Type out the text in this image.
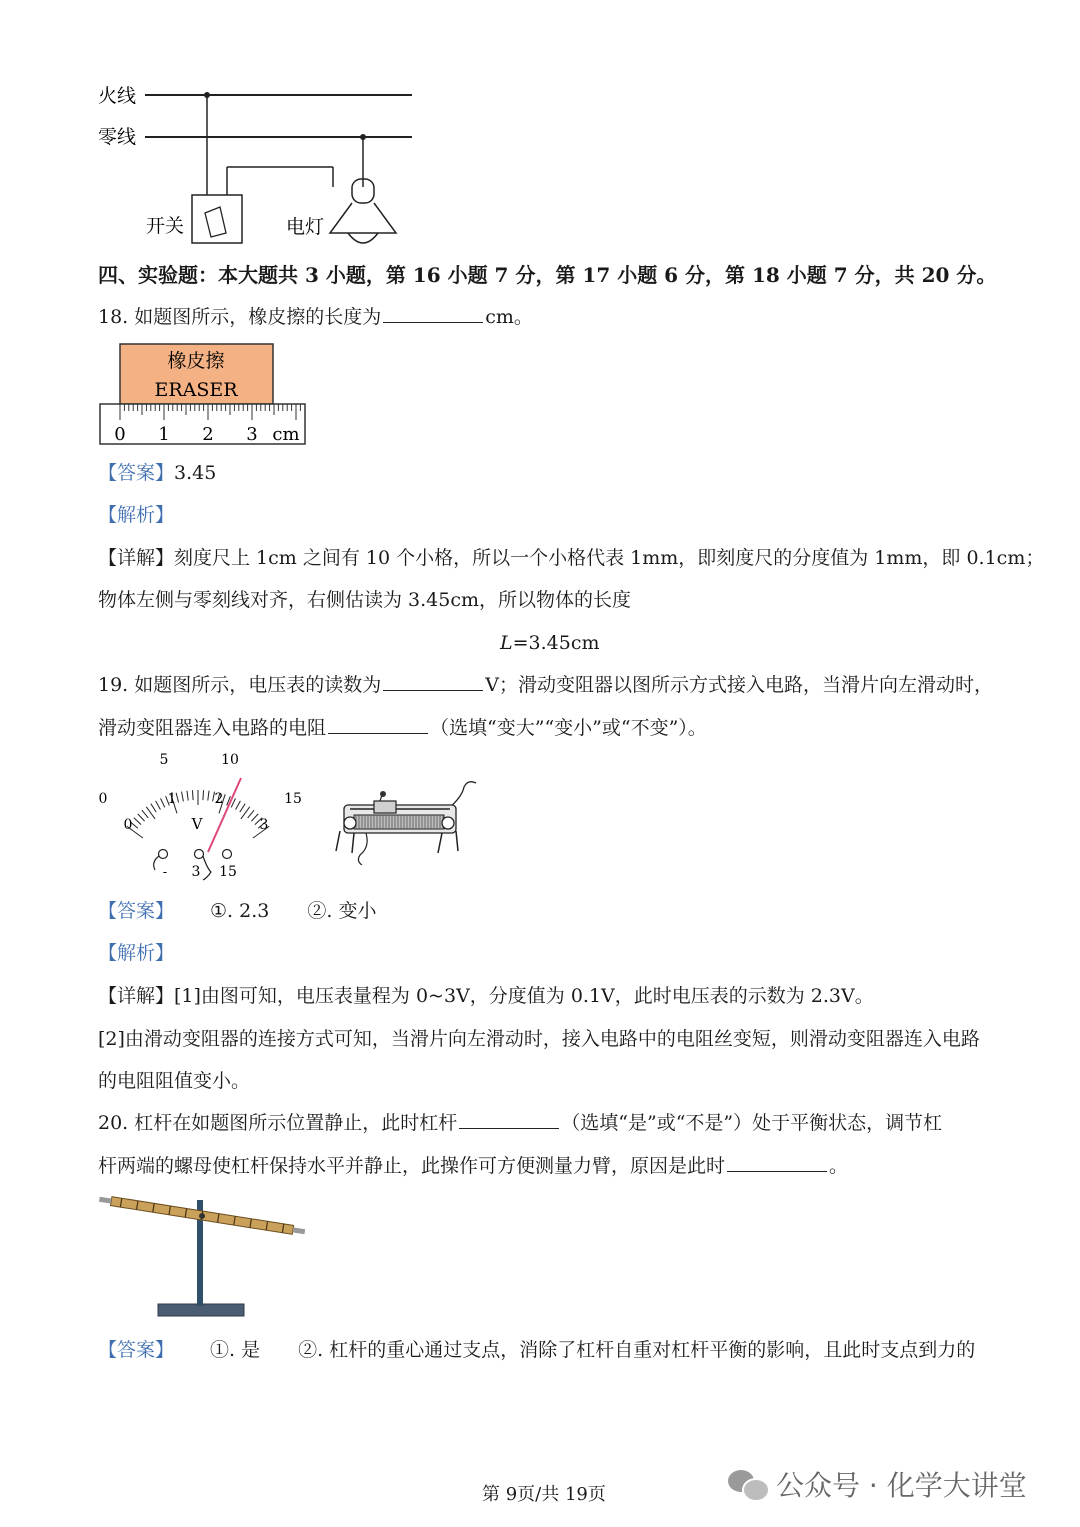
火线
零线
开关	电灯
四、实验题：本大题共 3 小题，第 16 小题 7 分，第 17 小题 6 分，第 18 小题 7 分，共 20 分。
18. 如题图所示，橡皮擦的长度为	cm。
橡皮擦
ERASER
0 1 2 3 cm
【答案】3.45
【解析】
【详解】刻度尺上 1cm 之间有 10 个小格，所以一个小格代表 1mm，即刻度尺的分度值为 1mm，即 0.1cm；
物体左侧与零刻线对齐，右侧估读为 3.45cm，所以物体的长度
L=3.45cm
19. 如题图所示，电压表的读数为	V；滑动变阻器以图所示方式接入电路，当滑片向左滑动时，
滑动变阻器连入电路的电阻	（选填“变大”“变小”或“不变”）。
0
5	10
15
0
1	2
3
V
- 3 15
【答案】 ①. 2.3 ②. 变小
【解析】
【详解】[1]由图可知，电压表量程为 0~3V，分度值为 0.1V，此时电压表的示数为 2.3V。
[2]由滑动变阻器的连接方式可知，当滑片向左滑动时，接入电路中的电阻丝变短，则滑动变阻器连入电路
的电阻阻值变小。
20. 杠杆在如题图所示位置静止，此时杠杆	（选填“是”或“不是”）处于平衡状态，调节杠
杆两端的螺母使杠杆保持水平并静止，此操作可方便测量力臂，原因是此时	。
【答案】 ①. 是 ②. 杠杆的重心通过支点，消除了杠杆自重对杠杆平衡的影响，且此时支点到力的
第 9页/共 19页	公众号 · 化学大讲堂
